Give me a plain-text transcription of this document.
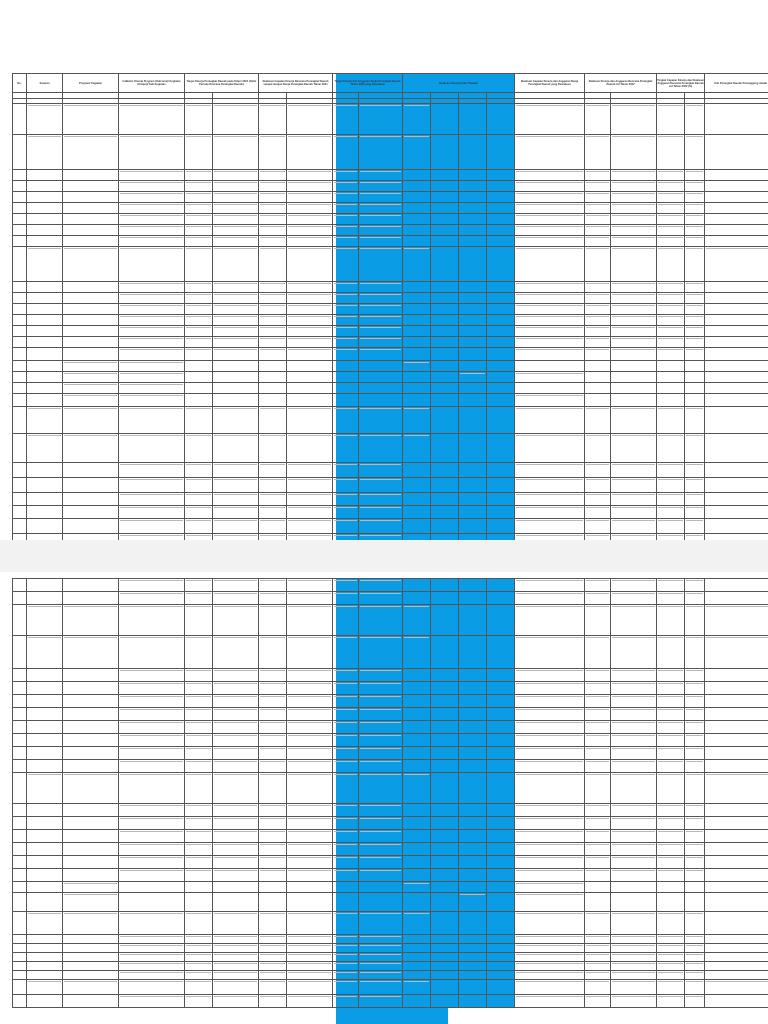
No.	Sasaran	Program/ Kegiatan	Indikator Kinerja Program (Outcome)/ Kegiatan (Output)/ Sub Kegiatan	Target Kinerja Perangkat Daerah pada Tahun 2021 (Akhir Periode Rencana Perangkat Daerah)		Realisasi Capaian Kinerja Rencana Perangkat Daerah sampai dengan Renja Perangkat Daerah Tahun 2021		Target Kinerja dan Anggaran Renja Perangkat Daerah Tahun 2022 yang Dievaluasi		Realisasi Kinerja Pada Triwulan				Realisasi Capaian Kinerja dan Anggaran Renja Perangkat Daerah yang Dievaluasi	Realisasi Kinerja dan Anggaran Rencana Perangkat Daerah s/d Tahun 2022		Tingkat Capaian Kinerja dan Realisasi Anggaran Rencana Perangkat Daerah s/d Tahun 2022 (%)		Unit Perangkat Daerah Penanggung Jawab
